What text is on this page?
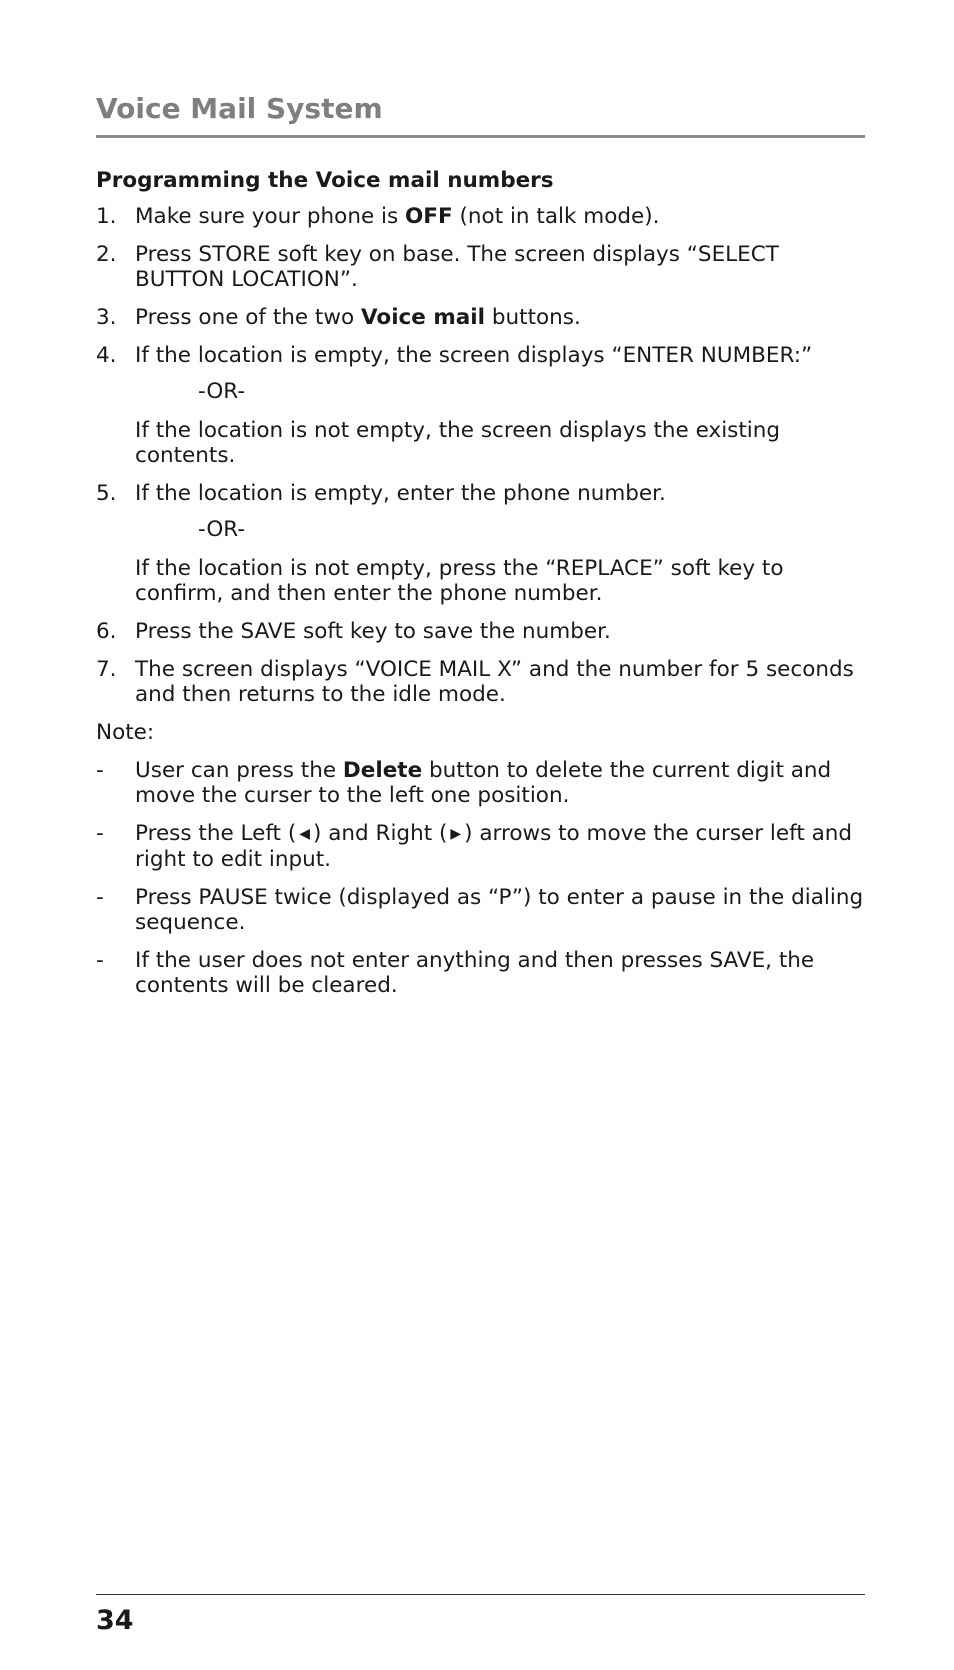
Voice Mail System
Programming the Voice mail numbers
1. Make sure your phone is OFF (not in talk mode).
2. Press STORE soft key on base. The screen displays “SELECT BUTTON LOCATION”.
3. Press one of the two Voice mail buttons.
4. If the location is empty, the screen displays “ENTER NUMBER:”
-OR-
If the location is not empty, the screen displays the existing contents.
5. If the location is empty, enter the phone number.
-OR-
If the location is not empty, press the “REPLACE” soft key to confirm, and then enter the phone number.
6. Press the SAVE soft key to save the number.
7. The screen displays “VOICE MAIL X” and the number for 5 seconds and then returns to the idle mode.
Note:
-	User can press the Delete button to delete the current digit and move the curser to the left one position.
-	Press the Left ( ◀ ) and Right ( ▶ ) arrows to move the curser left and right to edit input.
-	Press PAUSE twice (displayed as “P”) to enter a pause in the dialing sequence.
-	If the user does not enter anything and then presses SAVE, the contents will be cleared.
34
